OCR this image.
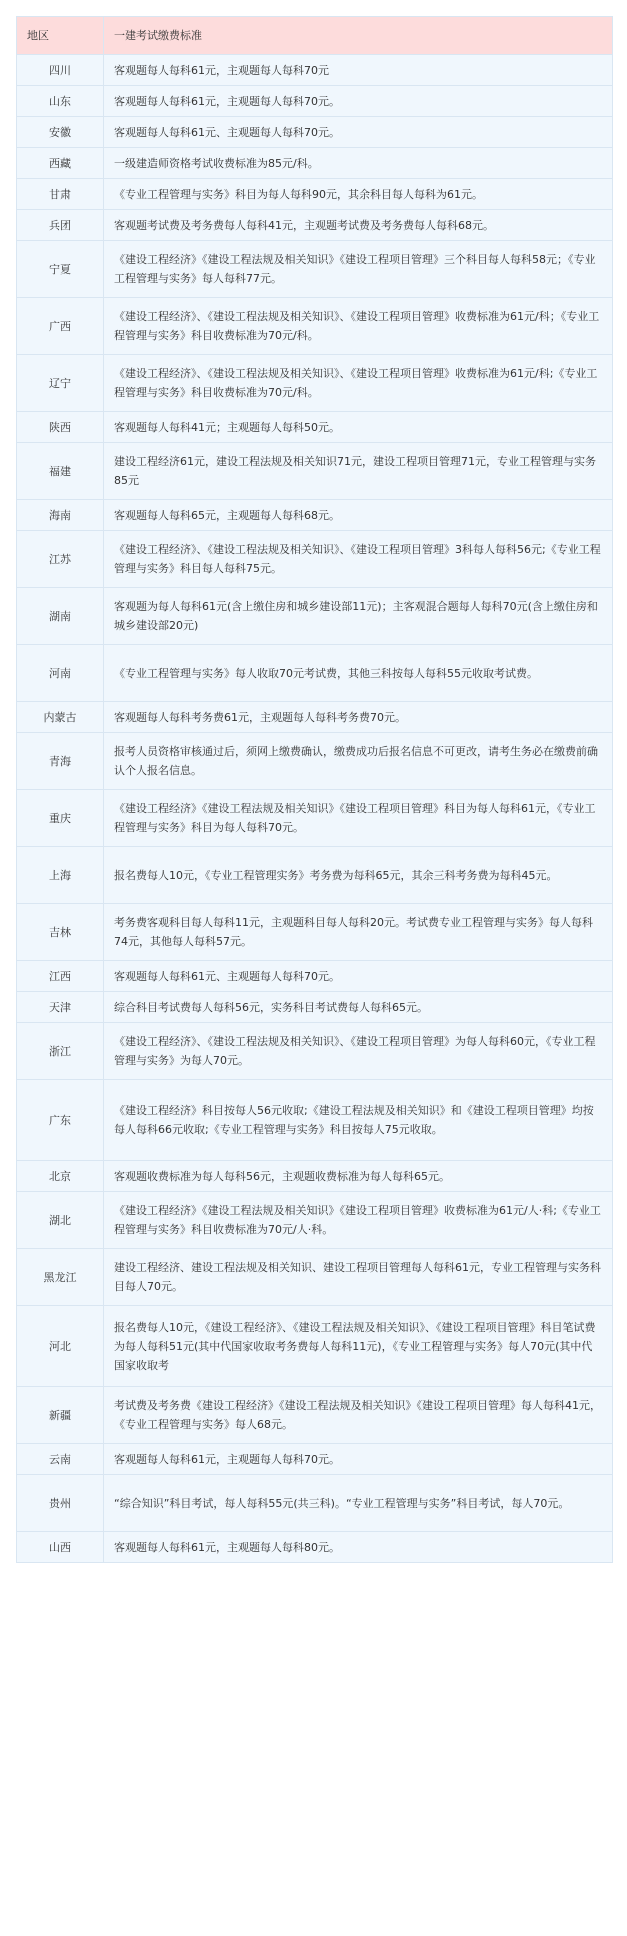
地区	一建考试缴费标准
四川	客观题每人每科61元，主观题每人每科70元
山东	客观题每人每科61元，主观题每人每科70元。
安徽	客观题每人每科61元、主观题每人每科70元。
西藏	一级建造师资格考试收费标准为85元/科。
甘肃	《专业工程管理与实务》科目为每人每科90元，其余科目每人每科为61元。
兵团	客观题考试费及考务费每人每科41元，主观题考试费及考务费每人每科68元。
宁夏	《建设工程经济》《建设工程法规及相关知识》《建设工程项目管理》三个科目每人每科58元；《专业工程管理与实务》每人每科77元。
广西	《建设工程经济》、《建设工程法规及相关知识》、《建设工程项目管理》收费标准为61元/科；《专业工程管理与实务》科目收费标准为70元/科。
辽宁	《建设工程经济》、《建设工程法规及相关知识》、《建设工程项目管理》收费标准为61元/科;《专业工程管理与实务》科目收费标准为70元/科。
陕西	客观题每人每科41元；主观题每人每科50元。
福建	建设工程经济61元，建设工程法规及相关知识71元，建设工程项目管理71元，专业工程管理与实务85元
海南	客观题每人每科65元，主观题每人每科68元。
江苏	《建设工程经济》、《建设工程法规及相关知识》、《建设工程项目管理》3科每人每科56元;《专业工程管理与实务》科目每人每科75元。
湖南	客观题为每人每科61元(含上缴住房和城乡建设部11元)；主客观混合题每人每科70元(含上缴住房和城乡建设部20元)
河南	《专业工程管理与实务》每人收取70元考试费，其他三科按每人每科55元收取考试费。
内蒙古	客观题每人每科考务费61元，主观题每人每科考务费70元。
青海	报考人员资格审核通过后，须网上缴费确认，缴费成功后报名信息不可更改，请考生务必在缴费前确认个人报名信息。
重庆	《建设工程经济》《建设工程法规及相关知识》《建设工程项目管理》科目为每人每科61元，《专业工程管理与实务》科目为每人每科70元。
上海	报名费每人10元，《专业工程管理实务》考务费为每科65元，其余三科考务费为每科45元。
吉林	考务费客观科目每人每科11元，主观题科目每人每科20元。考试费专业工程管理与实务》每人每科74元，其他每人每科57元。
江西	客观题每人每科61元、主观题每人每科70元。
天津	综合科目考试费每人每科56元，实务科目考试费每人每科65元。
浙江	《建设工程经济》、《建设工程法规及相关知识》、《建设工程项目管理》为每人每科60元，《专业工程管理与实务》为每人70元。
广东	《建设工程经济》科目按每人56元收取;《建设工程法规及相关知识》和《建设工程项目管理》均按每人每科66元收取;《专业工程管理与实务》科目按每人75元收取。
北京	客观题收费标准为每人每科56元，主观题收费标准为每人每科65元。
湖北	《建设工程经济》《建设工程法规及相关知识》《建设工程项目管理》收费标准为61元/人·科;《专业工程管理与实务》科目收费标准为70元/人·科。
黑龙江	建设工程经济、建设工程法规及相关知识、建设工程项目管理每人每科61元，专业工程管理与实务科目每人70元。
河北	报名费每人10元，《建设工程经济》、《建设工程法规及相关知识》、《建设工程项目管理》科目笔试费为每人每科51元(其中代国家收取考务费每人每科11元)，《专业工程管理与实务》每人70元(其中代国家收取考
新疆	考试费及考务费《建设工程经济》《建设工程法规及相关知识》《建设工程项目管理》每人每科41元，《专业工程管理与实务》每人68元。
云南	客观题每人每科61元，主观题每人每科70元。
贵州	“综合知识”科目考试，每人每科55元(共三科)。“专业工程管理与实务”科目考试，每人70元。
山西	客观题每人每科61元，主观题每人每科80元。
